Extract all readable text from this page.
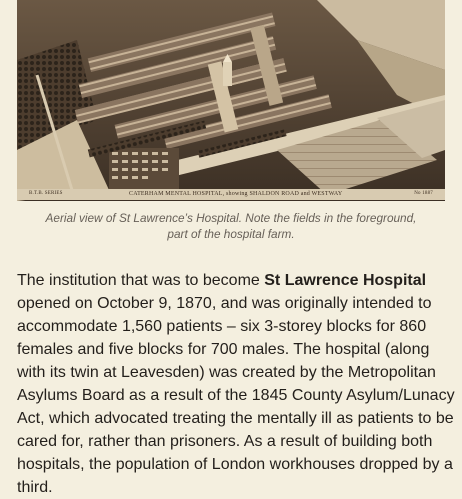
B.T.B. SERIES	CATERHAM MENTAL HOSPITAL, showing SHALDON ROAD and WESTWAY	No 1887

Aerial view of St Lawrence’s Hospital. Note the fields in the foreground,
part of the hospital farm.

The institution that was to become St Lawrence Hospital opened on October 9, 1870, and was originally intended to accommodate 1,560 patients – six 3-storey blocks for 860 females and five blocks for 700 males. The hospital (along with its twin at Leavesden) was created by the Metropolitan Asylums Board as a result of the 1845 County Asylum/Lunacy Act, which advocated treating the mentally ill as patients to be cared for, rather than prisoners. As a result of building both hospitals, the population of London workhouses dropped by a third.
